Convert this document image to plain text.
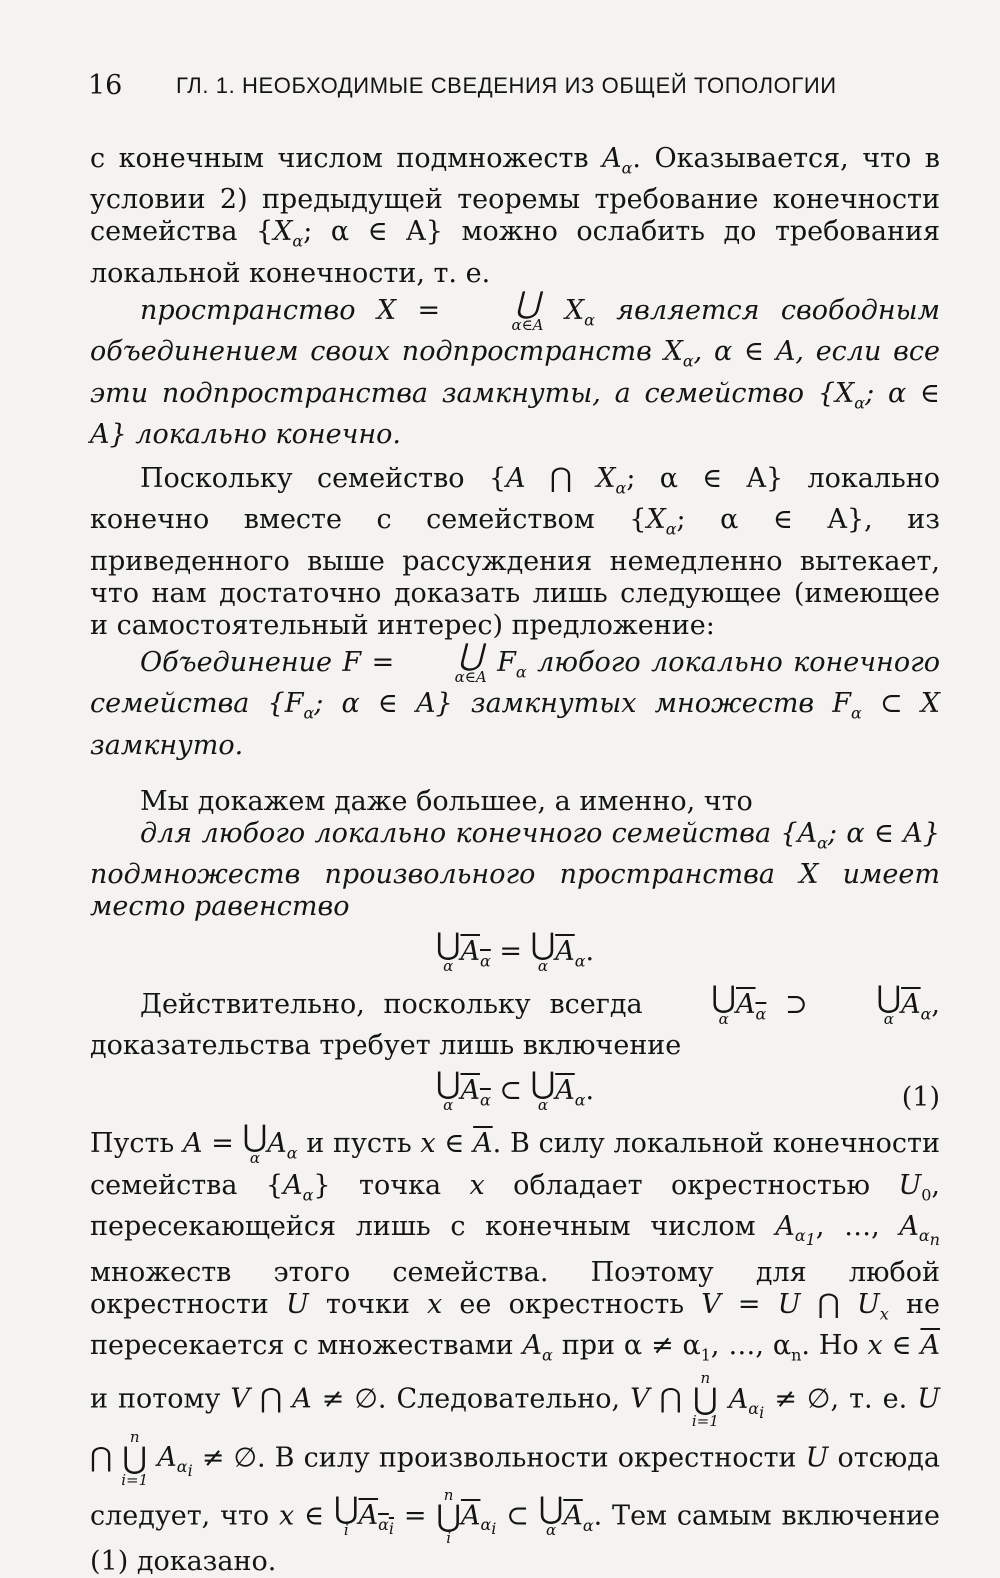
16 ГЛ. 1. НЕОБХОДИМЫЕ СВЕДЕНИЯ ИЗ ОБЩЕЙ ТОПОЛОГИИ

с конечным числом подмножеств $A_\alpha$. Оказывается, что в условии 2) предыдущей теоремы требование конечности семейства {$X_\alpha$; α ∈ A} можно ослабить до требования локальной конечности, т. е.

пространство X =	⋃
α∈A $X_\alpha$ является свободным объединением своих подпространств $X_\alpha$, α ∈ A, если все эти подпространства замкнуты, а семейство {$X_\alpha$; α ∈ A} локально конечно.

Поскольку семейство {A ⋂ $X_\alpha$; α ∈ A} локально конечно вместе с семейством {$X_\alpha$; α ∈ A}, из приведенного выше рассуждения немедленно вытекает, что нам достаточно доказать лишь следующее (имеющее и самостоятельный интерес) предложение:

Объединение F =	⋃
α∈A $F_\alpha$ любого локально конечного семейства {$F_\alpha$; α ∈ A} замкнутых множеств $F_\alpha$ ⊂ X замкнуто.

Мы докажем даже большее, а именно, что

для любого локально конечного семейства {$A_\alpha$; α ∈ A} подмножеств произвольного пространства X имеет место равенство

⋃
α $A_\alpha$ = ⋃
α $\overline{A}_\alpha$.

Действительно, поскольку всегда	⋃
α $A_\alpha$ ⊃	⋃
α $\overline{A}_\alpha$, доказательства требует лишь включение

⋃
α $A_\alpha$ ⊂ ⋃
α $\overline{A}_\alpha$.	(1)

Пусть A = ⋃
α $A_\alpha$ и пусть x ∈ $\overline{A}$. В силу локальной конечности семейства $\{A_\alpha\}$ точка x обладает окрестностью $U_0$, пересекающейся лишь с конечным числом $A_{\alpha_1}$, …, $A_{\alpha_n}$ множеств этого семейства. Поэтому для любой окрестности U точки x ее окрестность V = U ⋂ $U_x$ не пересекается с множествами $A_\alpha$ при $\alpha \ne \alpha_1$, …, $\alpha_n$. Но x ∈ $\overline{A}$ и потому V ⋂ A ≠ ∅. Следовательно, V ⋂
n
⋃
i=1
$A_{\alpha_i}$ ≠ ∅, т. е. U ⋂
n
⋃
i=1
$A_{\alpha_i}$ ≠ ∅. В силу произвольности окрестности U отсюда следует, что x ∈ ⋃
i $A_{\alpha_i}$ =
n
⋃
i
$\overline{A}_{\alpha_i}$ ⊂ ⋃
α $\overline{A}_\alpha$. Тем самым включение (1) доказано.
